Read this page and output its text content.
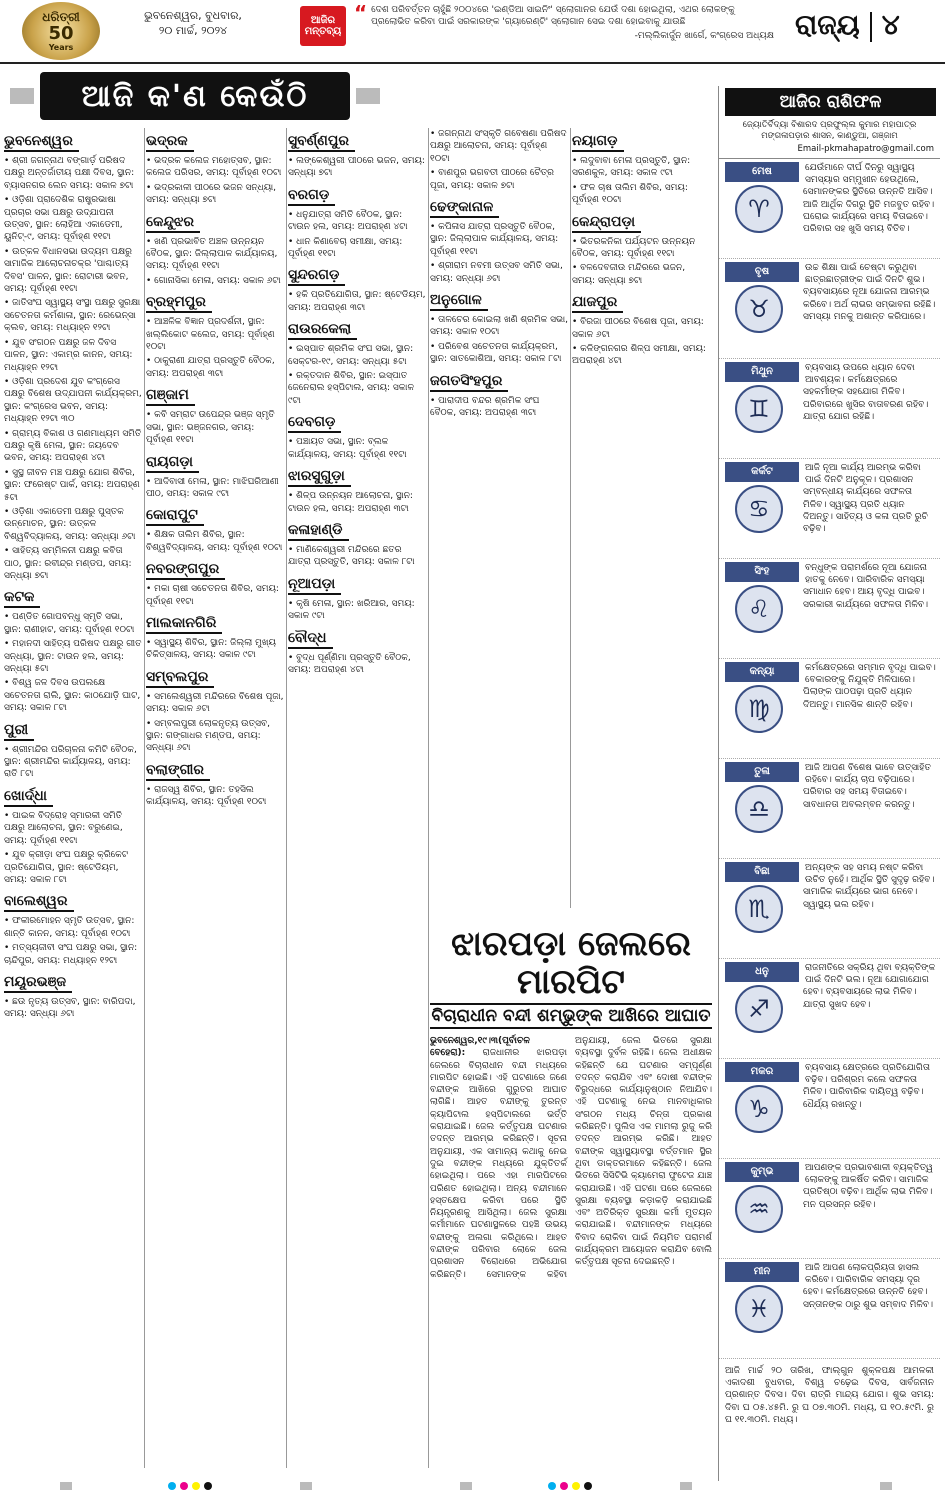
ଧରିତ୍ରୀ
50
Years
ଭୁବନେଶ୍ୱର, ବୁଧବାର,
୨୦ ମାର୍ଚ୍ଚ, ୨୦୨୪
ଆଜିର
ମନ୍ତବ୍ୟ
“ ଦେଶ ପରିବର୍ତ୍ତନ ଚାହୁଁଛି ୨୦୦୪ରେ 'ଇଣ୍ଡିଆ ସାଇନିଂ' ସ୍ଲୋଗାନର ଯେଉଁ ଦଶା ହୋଇଥିଲା, ଏଥର ଲୋକଙ୍କୁ ପ୍ରଲୋଭିତ କରିବା ପାଇଁ ସରକାରଙ୍କ 'ଗ୍ୟାରେଣ୍ଟି' ସ୍ଲୋଗାନ ସେଇ ଦଶା ହୋଇବାକୁ ଯାଉଛି
-ମଲ୍ଲିକାର୍ଜୁନ ଖାର୍ଗେ, କଂଗ୍ରେସ ଅଧ୍ୟକ୍ଷ ରାଜ୍ୟ ୪
ଆଜି କ'ଣ କେଉଁଠି
ଭୁବନେଶ୍ୱର

• ଶ୍ରୀ ଜଗନ୍ନାଥ ବଙ୍ଗାର୍ଡ଼ ପରିଷଦ ପକ୍ଷରୁ ଅନ୍ତର୍ଜାତୀୟ ପକ୍ଷୀ ଦିବସ, ସ୍ଥାନ: ବ୍ୟାସନଗର ଲେନ ସମୟ: ସକାଳ ୭ଟା

• ଓଡ଼ିଶା ପ୍ରାଦେଶିକ ରାଷ୍ଟ୍ରଭାଷା ପ୍ରଚାର ସଭା ପକ୍ଷରୁ ଉଦ୍‌ଯାପନୀ ଉତ୍ସବ, ସ୍ଥାନ: ଲୋହିଆ ଏକାଡେମୀ, ୟୁନିଟ୍-୯, ସମୟ: ପୂର୍ବାହ୍ଣ ୧୧ଟା

• ଉତ୍କଳ ବିଧାନସଭା ଉଦ୍ୟମ ପକ୍ଷରୁ ସାମାଜିକ ଆଲୋଚନାଚକ୍ର 'ପାଶ୍ଚାତ୍ୟ ଦିବସ' ପାଳନ, ସ୍ଥାନ: ରୋଟାରୀ ଭବନ, ସମୟ: ପୂର୍ବାହ୍ଣ ୧୧ଟା

• ଜାତିସଂଘ ସ୍ୱାସ୍ଥ୍ୟ ସଂସ୍ଥା ପକ୍ଷରୁ ସୁରକ୍ଷା ସଚେତନତା କର୍ମଶାଳା, ସ୍ଥାନ: ରେଭେନ୍ସା କ୍ଲବ, ସମୟ: ମଧ୍ୟାହ୍ନ ୧୨ଟା

• ଯୁବ ସଂଗଠନ ପକ୍ଷରୁ ଜଳ ଦିବସ ପାଳନ, ସ୍ଥାନ: ଏକାମ୍ର କାନନ, ସମୟ: ମଧ୍ୟାହ୍ନ ୧୨ଟା

• ଓଡ଼ିଶା ପ୍ରଦେଶ ଯୁବ କଂଗ୍ରେସ ପକ୍ଷରୁ ବିଶେଷ ଉଦ୍‌ଯାପନୀ କାର୍ଯ୍ୟକ୍ରମ, ସ୍ଥାନ: କଂଗ୍ରେସ ଭବନ, ସମୟ: ମଧ୍ୟାହ୍ନ ୧୨ଟା ୩୦

• ଗ୍ରାମ୍ୟ ବିକାଶ ଓ ଗଣମାଧ୍ୟମ ସମିତି ପକ୍ଷରୁ କୃଷି ମେଳା, ସ୍ଥାନ: ଜୟଦେବ ଭବନ, ସମୟ: ଅପରାହ୍ଣ ୪ଟା

• ସୁସ୍ଥ ଜୀବନ ମଞ୍ଚ ପକ୍ଷରୁ ଯୋଗ ଶିବିର, ସ୍ଥାନ: ଫରେଷ୍ଟ ପାର୍କ, ସମୟ: ଅପରାହ୍ଣ ୫ଟା

• ଓଡ଼ିଶା ଏକାଡେମୀ ପକ୍ଷରୁ ପୁସ୍ତକ ଉନ୍ମୋଚନ, ସ୍ଥାନ: ଉତ୍କଳ ବିଶ୍ୱବିଦ୍ୟାଳୟ, ସମୟ: ସନ୍ଧ୍ୟା ୬ଟା

• ସାହିତ୍ୟ ସମ୍ମିଳନୀ ପକ୍ଷରୁ କବିତା ପାଠ, ସ୍ଥାନ: ରବୀନ୍ଦ୍ର ମଣ୍ଡପ, ସମୟ: ସନ୍ଧ୍ୟା ୭ଟା

କଟକ

• ପଣ୍ଡିତ ଗୋପବନ୍ଧୁ ସ୍ମୃତି ସଭା, ସ୍ଥାନ: ରାଣୀହାଟ, ସମୟ: ପୂର୍ବାହ୍ଣ ୧୦ଟା

• ମହାନଦୀ ସାହିତ୍ୟ ପରିଷଦ ପକ୍ଷରୁ ଗୀତ ସନ୍ଧ୍ୟା, ସ୍ଥାନ: ଟାଉନ ହଲ, ସମୟ: ସନ୍ଧ୍ୟା ୫ଟା

• ବିଶ୍ୱ ଜଳ ଦିବସ ଉପଲକ୍ଷେ ସଚେତନତା ରାଲି, ସ୍ଥାନ: କାଠଯୋଡ଼ି ଘାଟ, ସମୟ: ସକାଳ ୮ଟା

ପୁରୀ

• ଶ୍ରୀମନ୍ଦିର ପରିଚାଳନା କମିଟି ବୈଠକ, ସ୍ଥାନ: ଶ୍ରୀମନ୍ଦିର କାର୍ଯ୍ୟାଳୟ, ସମୟ: ରାତି ୮ଟା

ଖୋର୍ଦ୍ଧା

• ପାଇକ ବିଦ୍ରୋହ ସ୍ମାରକୀ ସମିତି ପକ୍ଷରୁ ଆଲୋଚନା, ସ୍ଥାନ: ବରୁଣେଇ, ସମୟ: ପୂର୍ବାହ୍ଣ ୧୧ଟା

• ଯୁବ କ୍ରୀଡ଼ା ସଂଘ ପକ୍ଷରୁ କ୍ରିକେଟ ପ୍ରତିଯୋଗିତା, ସ୍ଥାନ: ଷ୍ଟେଡିୟମ, ସମୟ: ସକାଳ ୮ଟା

ବାଲେଶ୍ୱର

• ଫକୀରମୋହନ ସ୍ମୃତି ଉତ୍ସବ, ସ୍ଥାନ: ଶାନ୍ତି କାନନ, ସମୟ: ପୂର୍ବାହ୍ଣ ୧୦ଟା

• ମତ୍ସ୍ୟଜୀବୀ ସଂଘ ପକ୍ଷରୁ ସଭା, ସ୍ଥାନ: ଚାନ୍ଦିପୁର, ସମୟ: ମଧ୍ୟାହ୍ନ ୧୨ଟା

ମୟୂରଭଞ୍ଜ

• ଛଉ ନୃତ୍ୟ ଉତ୍ସବ, ସ୍ଥାନ: ବାରିପଦା, ସମୟ: ସନ୍ଧ୍ୟା ୬ଟା

ଭଦ୍ରକ

• ଭଦ୍ରକ କଲେଜ ମହୋତ୍ସବ, ସ୍ଥାନ: କଲେଜ ପରିସର, ସମୟ: ପୂର୍ବାହ୍ଣ ୧୦ଟା

• ଭଦ୍ରକାଳୀ ପୀଠରେ ଭଜନ ସନ୍ଧ୍ୟା, ସମୟ: ସନ୍ଧ୍ୟା ୭ଟା

କେନ୍ଦୁଝର

• ଖଣି ପ୍ରଭାବିତ ଅଞ୍ଚଳ ଉନ୍ନୟନ ବୈଠକ, ସ୍ଥାନ: ଜିଲ୍ଲାପାଳ କାର୍ଯ୍ୟାଳୟ, ସମୟ: ପୂର୍ବାହ୍ଣ ୧୧ଟା

• ଗୋନାସିକା ମେଳା, ସମୟ: ସକାଳ ୬ଟା

ବ୍ରହ୍ମପୁର

• ଆଞ୍ଚଳିକ ବିଜ୍ଞାନ ପ୍ରଦର୍ଶନୀ, ସ୍ଥାନ: ଖଲ୍ଲିକୋଟ କଲେଜ, ସମୟ: ପୂର୍ବାହ୍ଣ ୧୦ଟା

• ଠାକୁରାଣୀ ଯାତ୍ରା ପ୍ରସ୍ତୁତି ବୈଠକ, ସମୟ: ଅପରାହ୍ଣ ୩ଟା

ଗଞ୍ଜାମ

• କବି ସମ୍ରାଟ ଉପେନ୍ଦ୍ର ଭଞ୍ଜ ସ୍ମୃତି ସଭା, ସ୍ଥାନ: ଭଞ୍ଜନଗର, ସମୟ: ପୂର୍ବାହ୍ଣ ୧୧ଟା

ରାୟଗଡ଼ା

• ଆଦିବାସୀ ମେଳା, ସ୍ଥାନ: ମାଝିଘରିଆଣୀ ପୀଠ, ସମୟ: ସକାଳ ୯ଟା

କୋରାପୁଟ

• ଶିକ୍ଷକ ତାଲିମ ଶିବିର, ସ୍ଥାନ: ବିଶ୍ୱବିଦ୍ୟାଳୟ, ସମୟ: ପୂର୍ବାହ୍ଣ ୧୦ଟା

ନବରଙ୍ଗପୁର

• ମକା ଚାଷୀ ସଚେତନତା ଶିବିର, ସମୟ: ପୂର୍ବାହ୍ଣ ୧୧ଟା

ମାଲକାନଗିରି

• ସ୍ୱାସ୍ଥ୍ୟ ଶିବିର, ସ୍ଥାନ: ଜିଲ୍ଲା ମୁଖ୍ୟ ଚିକିତ୍ସାଳୟ, ସମୟ: ସକାଳ ୯ଟା

ସମ୍ବଲପୁର

• ସମଲେଶ୍ୱରୀ ମନ୍ଦିରରେ ବିଶେଷ ପୂଜା, ସମୟ: ସକାଳ ୬ଟା

• ସମ୍ବଲପୁରୀ ଲୋକନୃତ୍ୟ ଉତ୍ସବ, ସ୍ଥାନ: ଗଙ୍ଗାଧର ମଣ୍ଡପ, ସମୟ: ସନ୍ଧ୍ୟା ୬ଟା

ବଲାଙ୍ଗୀର

• ରାଜସ୍ୱ ଶିବିର, ସ୍ଥାନ: ତହସିଲ କାର୍ଯ୍ୟାଳୟ, ସମୟ: ପୂର୍ବାହ୍ଣ ୧୦ଟା

ସୁବର୍ଣ୍ଣପୁର

• ଲଙ୍କେଶ୍ୱରୀ ପୀଠରେ ଭଜନ, ସମୟ: ସନ୍ଧ୍ୟା ୭ଟା

ବରଗଡ଼

• ଧନୁଯାତ୍ରା ସମିତି ବୈଠକ, ସ୍ଥାନ: ଟାଉନ ହଲ, ସମୟ: ଅପରାହ୍ଣ ୪ଟା

• ଧାନ କିଣାବେଚା ସମୀକ୍ଷା, ସମୟ: ପୂର୍ବାହ୍ଣ ୧୧ଟା

ସୁନ୍ଦରଗଡ଼

• ହକି ପ୍ରତିଯୋଗିତା, ସ୍ଥାନ: ଷ୍ଟେଡିୟମ, ସମୟ: ଅପରାହ୍ଣ ୩ଟା

ରାଉରକେଲା

• ଇସ୍ପାତ ଶ୍ରମିକ ସଂଘ ସଭା, ସ୍ଥାନ: ସେକ୍ଟର-୧୯, ସମୟ: ସନ୍ଧ୍ୟା ୫ଟା

• ରକ୍ତଦାନ ଶିବିର, ସ୍ଥାନ: ଇସ୍ପାତ ଜେନେରାଲ ହସ୍ପିଟାଲ, ସମୟ: ସକାଳ ୯ଟା

ଦେବଗଡ଼

• ପଞ୍ଚାୟତ ସଭା, ସ୍ଥାନ: ବ୍ଲକ କାର୍ଯ୍ୟାଳୟ, ସମୟ: ପୂର୍ବାହ୍ଣ ୧୧ଟା

ଝାରସୁଗୁଡ଼ା

• ଶିଳ୍ପ ଉନ୍ନୟନ ଆଲୋଚନା, ସ୍ଥାନ: ଟାଉନ ହଲ, ସମୟ: ଅପରାହ୍ଣ ୩ଟା

କଳାହାଣ୍ଡି

• ମାଣିକେଶ୍ୱରୀ ମନ୍ଦିରରେ ଛତର ଯାତ୍ରା ପ୍ରସ୍ତୁତି, ସମୟ: ସକାଳ ୮ଟା

ନୂଆପଡ଼ା

• କୃଷି ମେଳା, ସ୍ଥାନ: ଖରିଆର, ସମୟ: ସକାଳ ୯ଟା

ବୌଦ୍ଧ

• ବୁଦ୍ଧ ପୂର୍ଣ୍ଣିମା ପ୍ରସ୍ତୁତି ବୈଠକ, ସମୟ: ଅପରାହ୍ଣ ୪ଟା

• ଜଗନ୍ନାଥ ସଂସ୍କୃତି ଗବେଷଣା ପରିଷଦ ପକ୍ଷରୁ ଆଲୋଚନା, ସମୟ: ପୂର୍ବାହ୍ଣ ୧୦ଟା

• ବାଣପୁର ଭଗବତୀ ପୀଠରେ ଚୈତ୍ର ପୂଜା, ସମୟ: ସକାଳ ୭ଟା

ଢେଙ୍କାନାଳ

• କପିଳାସ ଯାତ୍ରା ପ୍ରସ୍ତୁତି ବୈଠକ, ସ୍ଥାନ: ଜିଲ୍ଲାପାଳ କାର୍ଯ୍ୟାଳୟ, ସମୟ: ପୂର୍ବାହ୍ଣ ୧୧ଟା

• ଶ୍ରୀରାମ ନବମୀ ଉତ୍ସବ ସମିତି ସଭା, ସମୟ: ସନ୍ଧ୍ୟା ୬ଟା

ଅନୁଗୋଳ

• ତାଳଚେର କୋଇଲା ଖଣି ଶ୍ରମିକ ସଭା, ସମୟ: ସକାଳ ୧୦ଟା

• ପରିବେଶ ସଚେତନତା କାର୍ଯ୍ୟକ୍ରମ, ସ୍ଥାନ: ସାତକୋଶିଆ, ସମୟ: ସକାଳ ୮ଟା

ଜଗତସିଂହପୁର

• ପାରାଦୀପ ବନ୍ଦର ଶ୍ରମିକ ସଂଘ ବୈଠକ, ସମୟ: ଅପରାହ୍ଣ ୩ଟା

ନୟାଗଡ଼

• ଲଦୁବାବା ମେଳା ପ୍ରସ୍ତୁତି, ସ୍ଥାନ: ସରଣକୁଳ, ସମୟ: ସକାଳ ୯ଟା

• ଫଳ ଚାଷ ତାଲିମ ଶିବିର, ସମୟ: ପୂର୍ବାହ୍ଣ ୧୦ଟା

କେନ୍ଦ୍ରାପଡ଼ା

• ଭିତରକନିକା ପର୍ଯ୍ୟଟନ ଉନ୍ନୟନ ବୈଠକ, ସମୟ: ପୂର୍ବାହ୍ଣ ୧୧ଟା

• ବଳଦେବଜୀଉ ମନ୍ଦିରରେ ଭଜନ, ସମୟ: ସନ୍ଧ୍ୟା ୭ଟା

ଯାଜପୁର

• ବିରଜା ପୀଠରେ ବିଶେଷ ପୂଜା, ସମୟ: ସକାଳ ୬ଟା

• କଳିଙ୍ଗନଗର ଶିଳ୍ପ ସମୀକ୍ଷା, ସମୟ: ଅପରାହ୍ଣ ୪ଟା

ଝାରପଡ଼ା ଜେଲରେ ମାରପିଟ
ବିଚାରାଧୀନ ବନ୍ଦୀ ଶମ୍ଭୁଙ୍କ ଆଖିରେ ଆଘାତ
ଭୁବନେଶ୍ୱର,୧୯।୩(ପୂର୍ବାଚଳ ବେହେରା): ରାଜଧାନୀର ଝାରପଡ଼ା ଜେଲରେ ବିଚାରାଧୀନ ବନ୍ଦୀ ମଧ୍ୟରେ ମାରପିଟ ହୋଇଛି। ଏହି ଘଟଣାରେ ଜଣେ ବନ୍ଦୀଙ୍କ ଆଖିରେ ଗୁରୁତର ଆଘାତ ଲାଗିଛି। ଆହତ ବନ୍ଦୀଙ୍କୁ ତୁରନ୍ତ କ୍ୟାପିଟାଲ ହସ୍ପିଟାଲରେ ଭର୍ତ୍ତି କରାଯାଇଛି। ଜେଲ କର୍ତ୍ତୃପକ୍ଷ ଘଟଣାର ତଦନ୍ତ ଆରମ୍ଭ କରିଛନ୍ତି। ସୂଚନା ଅନୁଯାୟୀ, ଏକ ସାମାନ୍ୟ କଥାକୁ ନେଇ ଦୁଇ ବନ୍ଦୀଙ୍କ ମଧ୍ୟରେ ଯୁକ୍ତିତର୍କ ହୋଇଥିଲା। ପରେ ଏହା ମାରପିଟରେ ପରିଣତ ହୋଇଥିଲା। ଅନ୍ୟ ବନ୍ଦୀମାନେ ହସ୍ତକ୍ଷେପ କରିବା ପରେ ସ୍ଥିତି ନିୟନ୍ତ୍ରଣକୁ ଆସିଥିଲା। ଜେଲ ସୁରକ୍ଷା କର୍ମୀମାନେ ଘଟଣାସ୍ଥଳରେ ପହଞ୍ଚି ଉଭୟ ବନ୍ଦୀଙ୍କୁ ଅଲଗା କରିଥିଲେ। ଆହତ ବନ୍ଦୀଙ୍କ ପରିବାର ଲୋକେ ଜେଲ ପ୍ରଶାସନ ବିରୋଧରେ ଅଭିଯୋଗ କରିଛନ୍ତି। ସେମାନଙ୍କ କହିବା ଅନୁଯାୟୀ, ଜେଲ ଭିତରେ ସୁରକ୍ଷା ବ୍ୟବସ୍ଥା ଦୁର୍ବଳ ରହିଛି। ଜେଲ ଅଧୀକ୍ଷକ କହିଛନ୍ତି ଯେ ଘଟଣାର ସମ୍ପୂର୍ଣ୍ଣ ତଦନ୍ତ କରାଯିବ ଏବଂ ଦୋଷୀ ବନ୍ଦୀଙ୍କ ବିରୁଦ୍ଧରେ କାର୍ଯ୍ୟାନୁଷ୍ଠାନ ନିଆଯିବ। ଏହି ଘଟଣାକୁ ନେଇ ମାନବାଧିକାର ସଂଗଠନ ମଧ୍ୟ ଚିନ୍ତା ପ୍ରକାଶ କରିଛନ୍ତି। ପୁଲିସ ଏକ ମାମଲା ରୁଜୁ କରି ତଦନ୍ତ ଆରମ୍ଭ କରିଛି। ଆହତ ବନ୍ଦୀଙ୍କ ସ୍ୱାସ୍ଥ୍ୟାବସ୍ଥା ବର୍ତ୍ତମାନ ସ୍ଥିର ଥିବା ଡାକ୍ତରମାନେ କହିଛନ୍ତି। ଜେଲ ଭିତରେ ସିସିଟିଭି କ୍ୟାମେରା ଫୁଟେଜ ଯାଞ୍ଚ କରାଯାଉଛି। ଏହି ଘଟଣା ପରେ ଜେଲରେ ସୁରକ୍ଷା ବ୍ୟବସ୍ଥା କଡ଼ାକଡ଼ି କରାଯାଇଛି ଏବଂ ଅତିରିକ୍ତ ସୁରକ୍ଷା କର୍ମୀ ମୁତୟନ କରାଯାଇଛି। ବନ୍ଦୀମାନଙ୍କ ମଧ୍ୟରେ ବିବାଦ ରୋକିବା ପାଇଁ ନିୟମିତ ପରାମର୍ଶ କାର୍ଯ୍ୟକ୍ରମ ଆୟୋଜନ କରାଯିବ ବୋଲି କର୍ତ୍ତୃପକ୍ଷ ସୂଚନା ଦେଇଛନ୍ତି।
ଆଜିର ରାଶିଫଳ
ଜ୍ୟୋତିର୍ବିଦ୍ୟା ବିଶାରଦ ପ୍ରଫୁଲ୍ଲ କୁମାର ମହାପାତ୍ର
ମଙ୍ଗଳାପଡ଼ାର ଶାସନ, କାଣ୍ଡୁଆ, ଗଞ୍ଜାମ
Email-pkmahapatro@gmail.com
ମେଷ
♈
ଯେଉଁମାନେ ଦୀର୍ଘ ଦିନରୁ ସ୍ୱାସ୍ଥ୍ୟ ସମସ୍ୟାର ସମ୍ମୁଖୀନ ହେଉଥିଲେ, ସେମାନଙ୍କର ସ୍ଥିତିରେ ଉନ୍ନତି ଆସିବ। ଆଜି ଆର୍ଥିକ ଦିଗରୁ ସ୍ଥିତି ମଜବୁତ ରହିବ। ଘରୋଇ କାର୍ଯ୍ୟରେ ସମୟ ବିତାଇବେ। ପରିବାର ସହ ଖୁସି ସମୟ ବିତିବ।
ବୃଷ
♉
ଉଚ୍ଚ ଶିକ୍ଷା ପାଇଁ ଚେଷ୍ଟା କରୁଥିବା ଛାତ୍ରଛାତ୍ରୀଙ୍କ ପାଇଁ ଦିନଟି ଶୁଭ। ବ୍ୟବସାୟରେ ନୂଆ ଯୋଜନା ଆରମ୍ଭ କରିବେ। ଅର୍ଥ ଲାଭର ସମ୍ଭାବନା ରହିଛି। ସମସ୍ୟା ମନକୁ ଅଶାନ୍ତ କରିପାରେ।
ମିଥୁନ
♊
ବ୍ୟବସାୟ ଉପରେ ଧ୍ୟାନ ଦେବା ଆବଶ୍ୟକ। କର୍ମକ୍ଷେତ୍ରରେ ସହକର୍ମୀଙ୍କ ସହଯୋଗ ମିଳିବ। ପରିବାରରେ ଖୁସିର ବାତାବରଣ ରହିବ। ଯାତ୍ରା ଯୋଗ ରହିଛି।
କର୍କଟ
♋
ଆଜି ନୂଆ କାର୍ଯ୍ୟ ଆରମ୍ଭ କରିବା ପାଇଁ ଦିନଟି ଅନୁକୂଳ। ପ୍ରଶାସନ ସମ୍ବନ୍ଧୀୟ କାର୍ଯ୍ୟରେ ସଫଳତା ମିଳିବ। ସ୍ୱାସ୍ଥ୍ୟ ପ୍ରତି ଧ୍ୟାନ ଦିଅନ୍ତୁ। ସାହିତ୍ୟ ଓ କଳା ପ୍ରତି ରୁଚି ବଢ଼ିବ।
ସିଂହ
♌
ବନ୍ଧୁଙ୍କ ପରାମର୍ଶରେ ନୂଆ ଯୋଜନା ହାତକୁ ନେବେ। ପାରିବାରିକ ସମସ୍ୟା ସମାଧାନ ହେବ। ଆୟ ବୃଦ୍ଧି ପାଇବ। ସରକାରୀ କାର୍ଯ୍ୟରେ ସଫଳତା ମିଳିବ।
କନ୍ୟା
♍
କର୍ମକ୍ଷେତ୍ରରେ ସମ୍ମାନ ବୃଦ୍ଧି ପାଇବ। ବେକାରଙ୍କୁ ନିଯୁକ୍ତି ମିଳିପାରେ। ପିଲାଙ୍କ ପାଠପଢ଼ା ପ୍ରତି ଧ୍ୟାନ ଦିଅନ୍ତୁ। ମାନସିକ ଶାନ୍ତି ରହିବ।
ତୁଳା
♎
ଆଜି ଆପଣ ବିଶେଷ ଭାବେ ଉତ୍ସାହିତ ରହିବେ। କାର୍ଯ୍ୟ ଚାପ ବଢ଼ିପାରେ। ପରିବାର ସହ ସମୟ ବିତାଇବେ। ସାବଧାନତା ଅବଲମ୍ବନ କରନ୍ତୁ।
ବିଛା
♏
ଅନ୍ୟଙ୍କ ସହ ସମୟ ନଷ୍ଟ କରିବା ଉଚିତ ନୁହେଁ। ଆର୍ଥିକ ସ୍ଥିତି ସୁଦୃଢ଼ ରହିବ। ସାମାଜିକ କାର୍ଯ୍ୟରେ ଭାଗ ନେବେ। ସ୍ୱାସ୍ଥ୍ୟ ଭଲ ରହିବ।
ଧନୁ
♐
ରାଜନୀତିରେ ସକ୍ରିୟ ଥିବା ବ୍ୟକ୍ତିଙ୍କ ପାଇଁ ଦିନଟି ଭଲ। ନୂଆ ଯୋଗାଯୋଗ ହେବ। ବ୍ୟବସାୟରେ ଲାଭ ମିଳିବ। ଯାତ୍ରା ସୁଖଦ ହେବ।
ମକର
♑
ବ୍ୟବସାୟ କ୍ଷେତ୍ରରେ ପ୍ରତିଯୋଗିତା ବଢ଼ିବ। ପରିଶ୍ରମ କଲେ ସଫଳତା ମିଳିବ। ପାରିବାରିକ ଦାୟିତ୍ୱ ବଢ଼ିବ। ଧୈର୍ଯ୍ୟ ରଖନ୍ତୁ।
କୁମ୍ଭ
♒
ଆପଣଙ୍କ ପ୍ରଭାବଶାଳୀ ବ୍ୟକ୍ତିତ୍ୱ ଲୋକଙ୍କୁ ଆକର୍ଷିତ କରିବ। ସାମାଜିକ ପ୍ରତିଷ୍ଠା ବଢ଼ିବ। ଆର୍ଥିକ ଲାଭ ମିଳିବ। ମନ ପ୍ରସନ୍ନ ରହିବ।
ମୀନ
♓
ଆଜି ଆପଣ ଲୋକପ୍ରିୟତା ହାସଲ କରିବେ। ପାରିବାରିକ ସମସ୍ୟା ଦୂର ହେବ। କର୍ମକ୍ଷେତ୍ରରେ ଉନ୍ନତି ହେବ। ସନ୍ତାନଙ୍କ ଠାରୁ ଶୁଭ ସମ୍ବାଦ ମିଳିବ।
ଆଜି ମାର୍ଚ୍ଚ ୨୦ ତାରିଖ, ଫାଲ୍‌ଗୁନ ଶୁକ୍ଳପକ୍ଷ ଆମଳକୀ ଏକାଦଶୀ ବୁଧବାର, ବିଶ୍ୱ ଚଢ଼େଇ ଦିବସ, ସାର୍ବଜନୀନ ପ୍ରଶାନ୍ତ ଦିବସ। ଦିବା ରାତ୍ରି ମାନ୍ଦ୍ୟ ଯୋଗ। ଶୁଭ ସମୟ: ଦିବା ଘ ୦୫.୪୫ମି. ରୁ ଘ ୦୭.୩୦ମି. ମଧ୍ୟ, ଘ ୧୦.୫୯ମି. ରୁ ଘ ୧୧.୩୦ମି. ମଧ୍ୟ।
